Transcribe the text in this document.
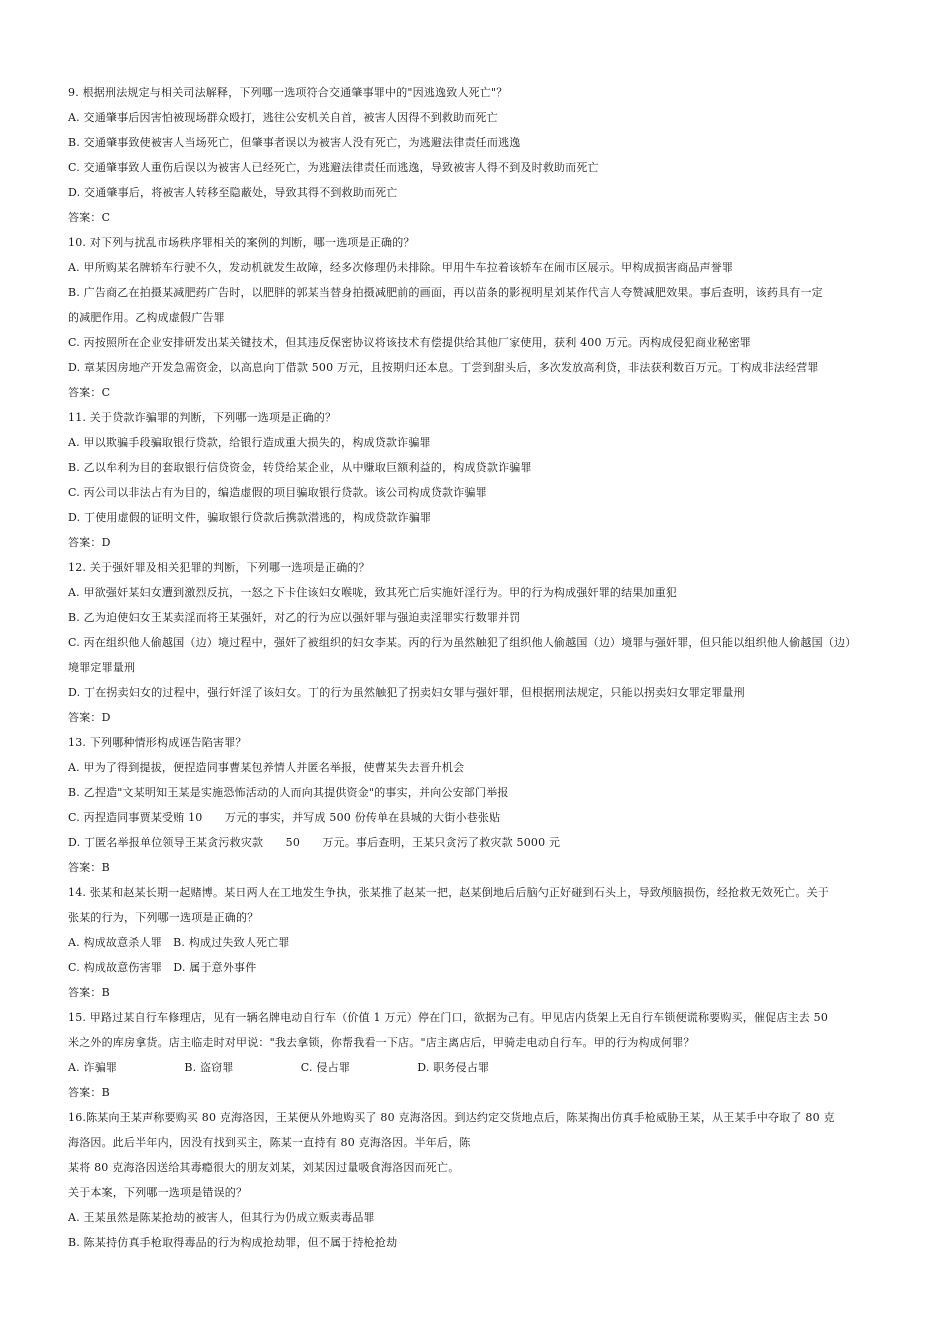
9. 根据刑法规定与相关司法解释，下列哪一选项符合交通肇事罪中的"因逃逸致人死亡"？
A. 交通肇事后因害怕被现场群众殴打，逃往公安机关自首，被害人因得不到救助而死亡
B. 交通肇事致使被害人当场死亡，但肇事者误以为被害人没有死亡，为逃避法律责任而逃逸
C. 交通肇事致人重伤后误以为被害人已经死亡，为逃避法律责任而逃逸，导致被害人得不到及时救助而死亡
D. 交通肇事后，将被害人转移至隐蔽处，导致其得不到救助而死亡
答案：C
10. 对下列与扰乱市场秩序罪相关的案例的判断，哪一选项是正确的？
A. 甲所购某名牌轿车行驶不久，发动机就发生故障，经多次修理仍未排除。甲用牛车拉着该轿车在闹市区展示。甲构成损害商品声誉罪
B. 广告商乙在拍摄某减肥药广告时，以肥胖的郭某当替身拍摄减肥前的画面，再以苗条的影视明星刘某作代言人夸赞减肥效果。事后查明，该药具有一定
的减肥作用。乙构成虚假广告罪
C. 丙按照所在企业安排研发出某关键技术，但其违反保密协议将该技术有偿提供给其他厂家使用，获利 400 万元。丙构成侵犯商业秘密罪
D. 章某因房地产开发急需资金，以高息向丁借款 500 万元，且按期归还本息。丁尝到甜头后，多次发放高利贷，非法获利数百万元。丁构成非法经营罪
答案：C
11. 关于贷款诈骗罪的判断，下列哪一选项是正确的？
A. 甲以欺骗手段骗取银行贷款，给银行造成重大损失的，构成贷款诈骗罪
B. 乙以牟利为目的套取银行信贷资金，转贷给某企业，从中赚取巨额利益的，构成贷款诈骗罪
C. 丙公司以非法占有为目的，编造虚假的项目骗取银行贷款。该公司构成贷款诈骗罪
D. 丁使用虚假的证明文件，骗取银行贷款后携款潜逃的，构成贷款诈骗罪
答案：D
12. 关于强奸罪及相关犯罪的判断，下列哪一选项是正确的？
A. 甲欲强奸某妇女遭到激烈反抗，一怒之下卡住该妇女喉咙，致其死亡后实施奸淫行为。甲的行为构成强奸罪的结果加重犯
B. 乙为迫使妇女王某卖淫而将王某强奸，对乙的行为应以强奸罪与强迫卖淫罪实行数罪并罚
C. 丙在组织他人偷越国（边）境过程中，强奸了被组织的妇女李某。丙的行为虽然触犯了组织他人偷越国（边）境罪与强奸罪，但只能以组织他人偷越国（边）
境罪定罪量刑
D. 丁在拐卖妇女的过程中，强行奸淫了该妇女。丁的行为虽然触犯了拐卖妇女罪与强奸罪，但根据刑法规定，只能以拐卖妇女罪定罪量刑
答案：D
13. 下列哪种情形构成诬告陷害罪？
A. 甲为了得到提拔，便捏造同事曹某包养情人并匿名举报，使曹某失去晋升机会
B. 乙捏造"文某明知王某是实施恐怖活动的人而向其提供资金"的事实，并向公安部门举报
C. 丙捏造同事贾某受贿 10　　万元的事实，并写成 500 份传单在县城的大街小巷张贴
D. 丁匿名举报单位领导王某贪污救灾款　　50　　万元。事后查明，王某只贪污了救灾款 5000 元
答案：B
14. 张某和赵某长期一起赌博。某日两人在工地发生争执，张某推了赵某一把，赵某倒地后后脑勺正好碰到石头上，导致颅脑损伤，经抢救无效死亡。关于
张某的行为，下列哪一选项是正确的？
A. 构成故意杀人罪　B. 构成过失致人死亡罪
C. 构成故意伤害罪　D. 属于意外事件
答案：B
15. 甲路过某自行车修理店，见有一辆名牌电动自行车（价值 1 万元）停在门口，欲据为己有。甲见店内货架上无自行车锁便谎称要购买，催促店主去 50
米之外的库房拿货。店主临走时对甲说："我去拿锁，你帮我看一下店。"店主离店后，甲骑走电动自行车。甲的行为构成何罪？
A. 诈骗罪　　　　　　B. 盗窃罪　　　　　　C. 侵占罪　　　　　　D. 职务侵占罪
答案：B
16.陈某向王某声称要购买 80 克海洛因，王某便从外地购买了 80 克海洛因。到达约定交货地点后，陈某掏出仿真手枪威胁王某，从王某手中夺取了 80 克
海洛因。此后半年内，因没有找到买主，陈某一直持有 80 克海洛因。半年后，陈
某将 80 克海洛因送给其毒瘾很大的朋友刘某，刘某因过量吸食海洛因而死亡。
关于本案，下列哪一选项是错误的？
A. 王某虽然是陈某抢劫的被害人，但其行为仍成立贩卖毒品罪
B. 陈某持仿真手枪取得毒品的行为构成抢劫罪，但不属于持枪抢劫
